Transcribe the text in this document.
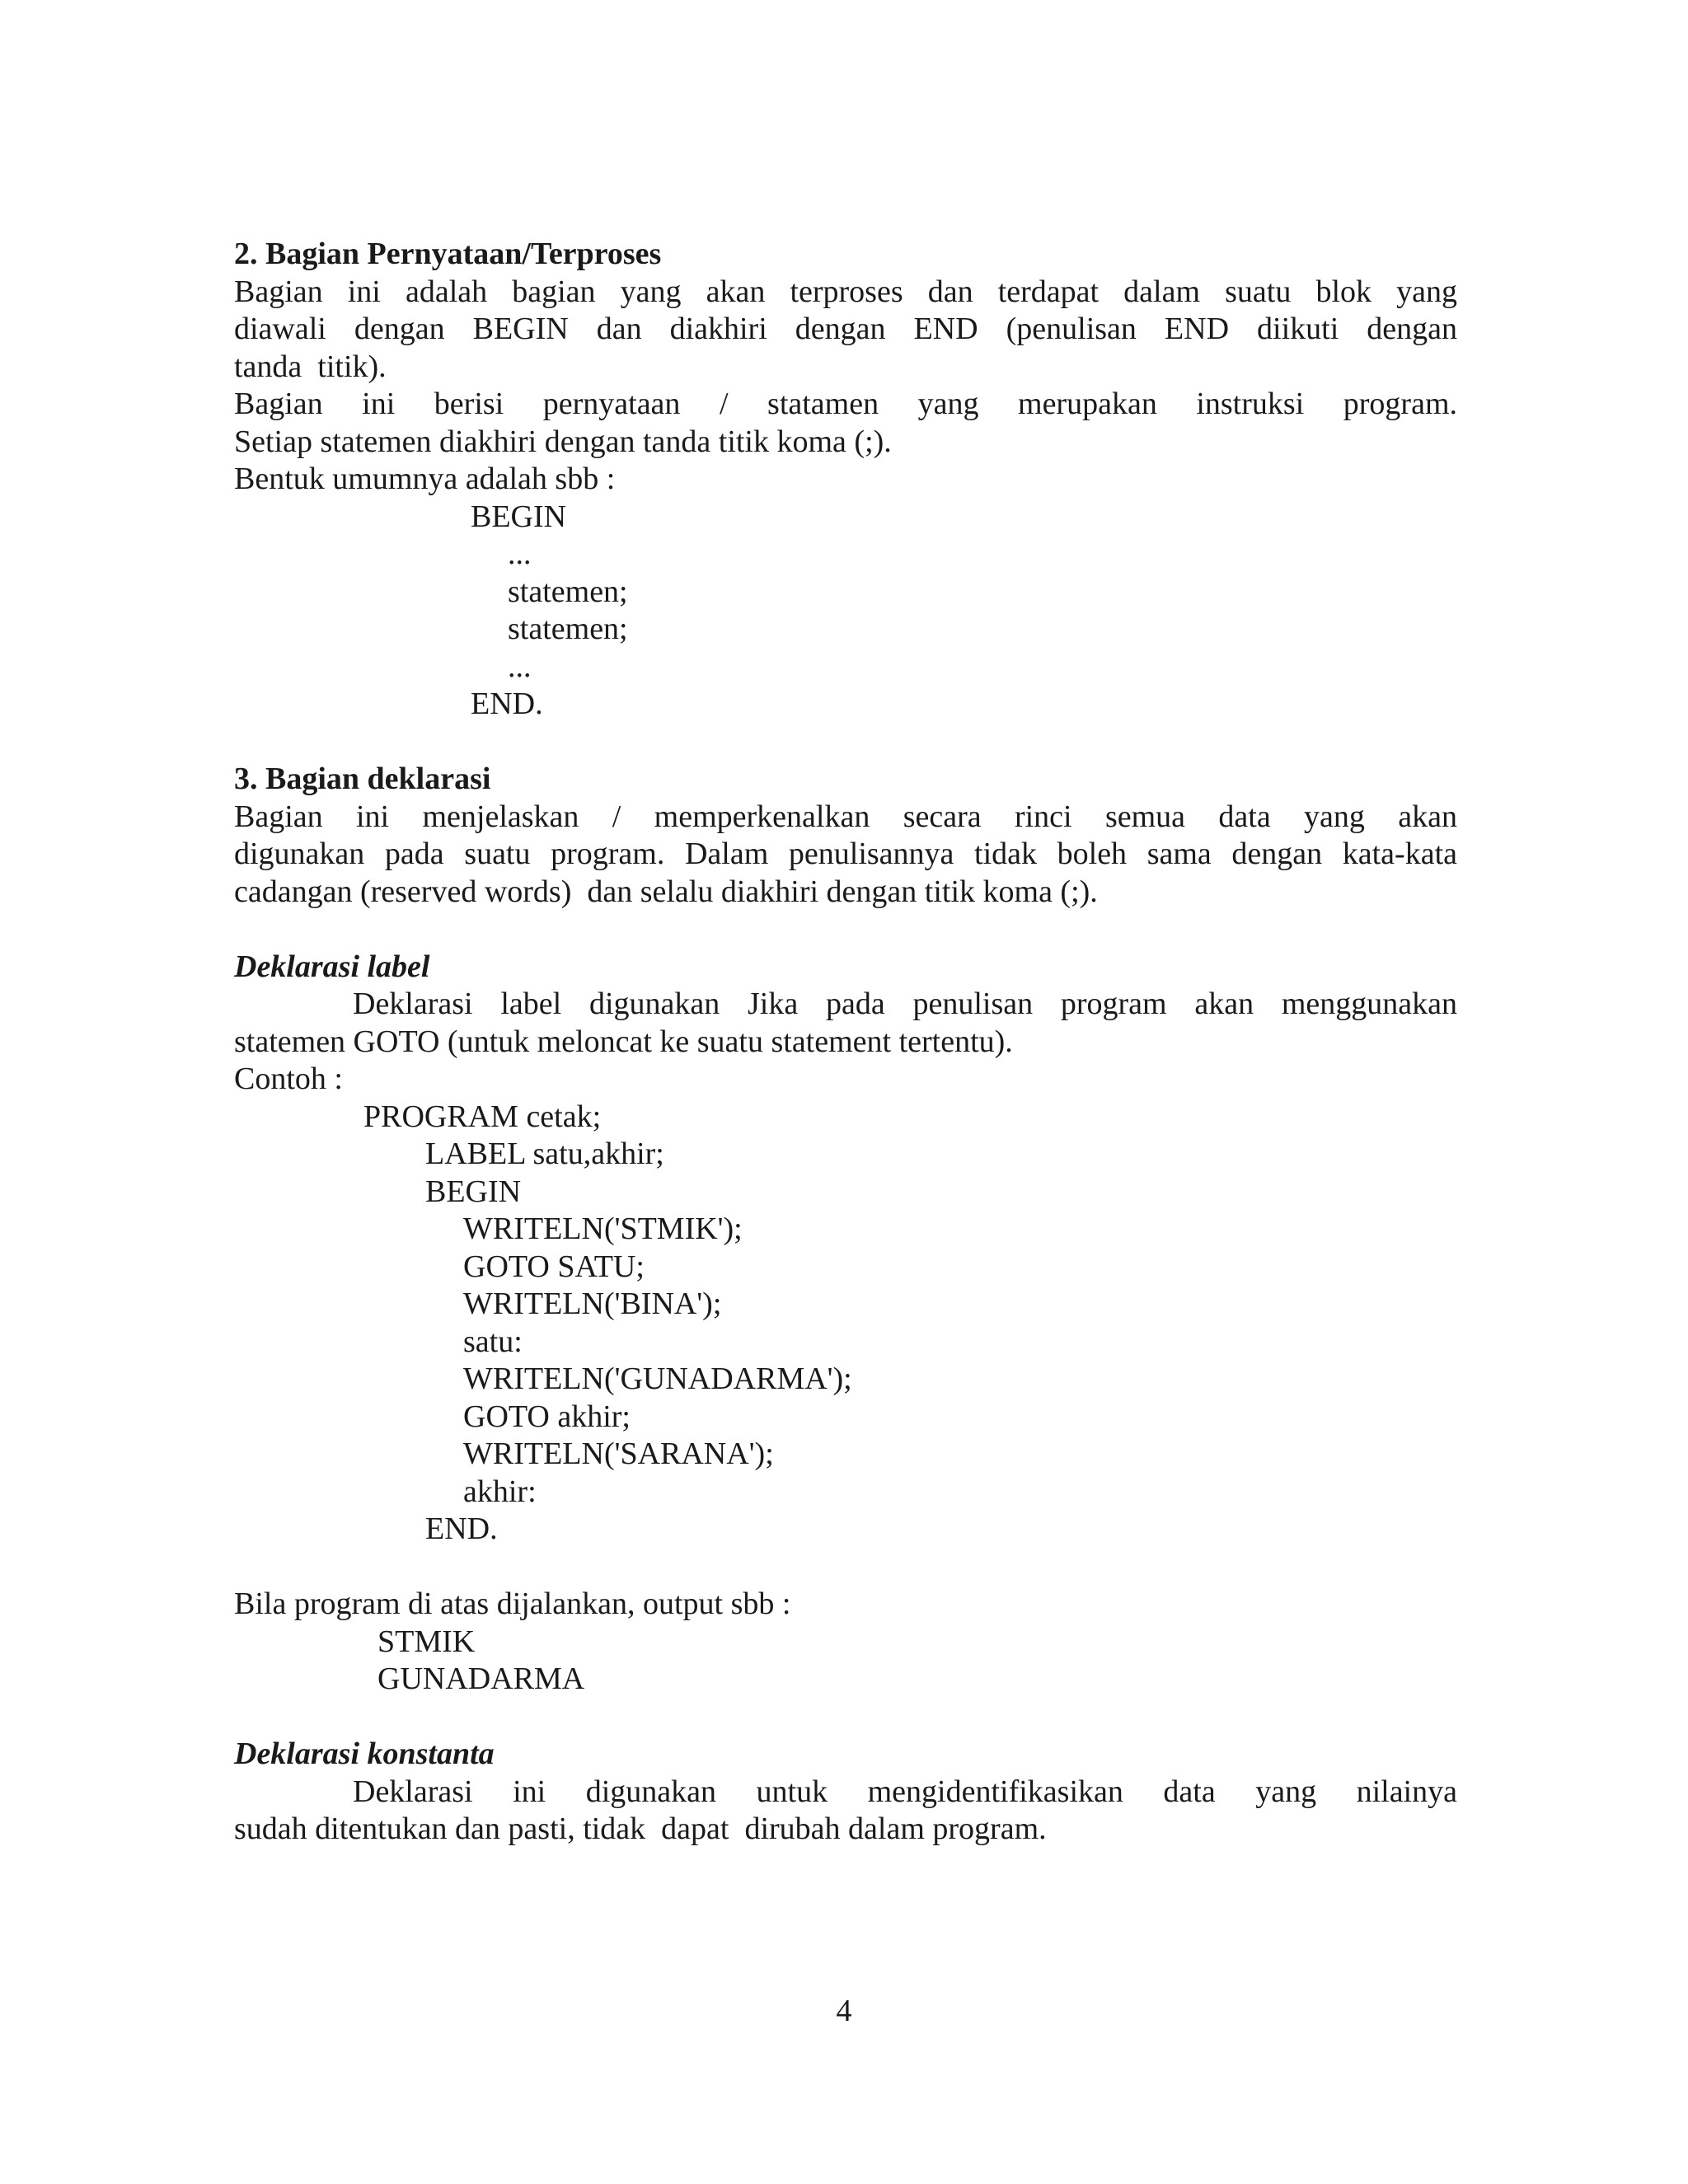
2. Bagian Pernyataan/Terproses
Bagian ini adalah bagian yang akan terproses dan terdapat dalam suatu blok yang
diawali dengan BEGIN dan diakhiri dengan END (penulisan END diikuti dengan
tanda  titik).
Bagian ini berisi pernyataan / statamen yang merupakan instruksi program.
Setiap statemen diakhiri dengan tanda titik koma (;).
Bentuk umumnya adalah sbb :
BEGIN
...
statemen;
statemen;
...
END.
3. Bagian deklarasi
Bagian ini menjelaskan / memperkenalkan secara rinci semua data yang akan
digunakan pada suatu program. Dalam penulisannya tidak boleh sama dengan kata-kata
cadangan (reserved words)  dan selalu diakhiri dengan titik koma (;).
Deklarasi label
Deklarasi label digunakan Jika pada penulisan program akan menggunakan
statemen GOTO (untuk meloncat ke suatu statement tertentu).
Contoh :
PROGRAM cetak;
LABEL satu,akhir;
BEGIN
WRITELN('STMIK');
GOTO SATU;
WRITELN('BINA');
satu:
WRITELN('GUNADARMA');
GOTO akhir;
WRITELN('SARANA');
akhir:
END.
Bila program di atas dijalankan, output sbb :
STMIK
GUNADARMA
Deklarasi konstanta
Deklarasi ini digunakan untuk mengidentifikasikan data yang nilainya
sudah ditentukan dan pasti, tidak  dapat  dirubah dalam program.
4
